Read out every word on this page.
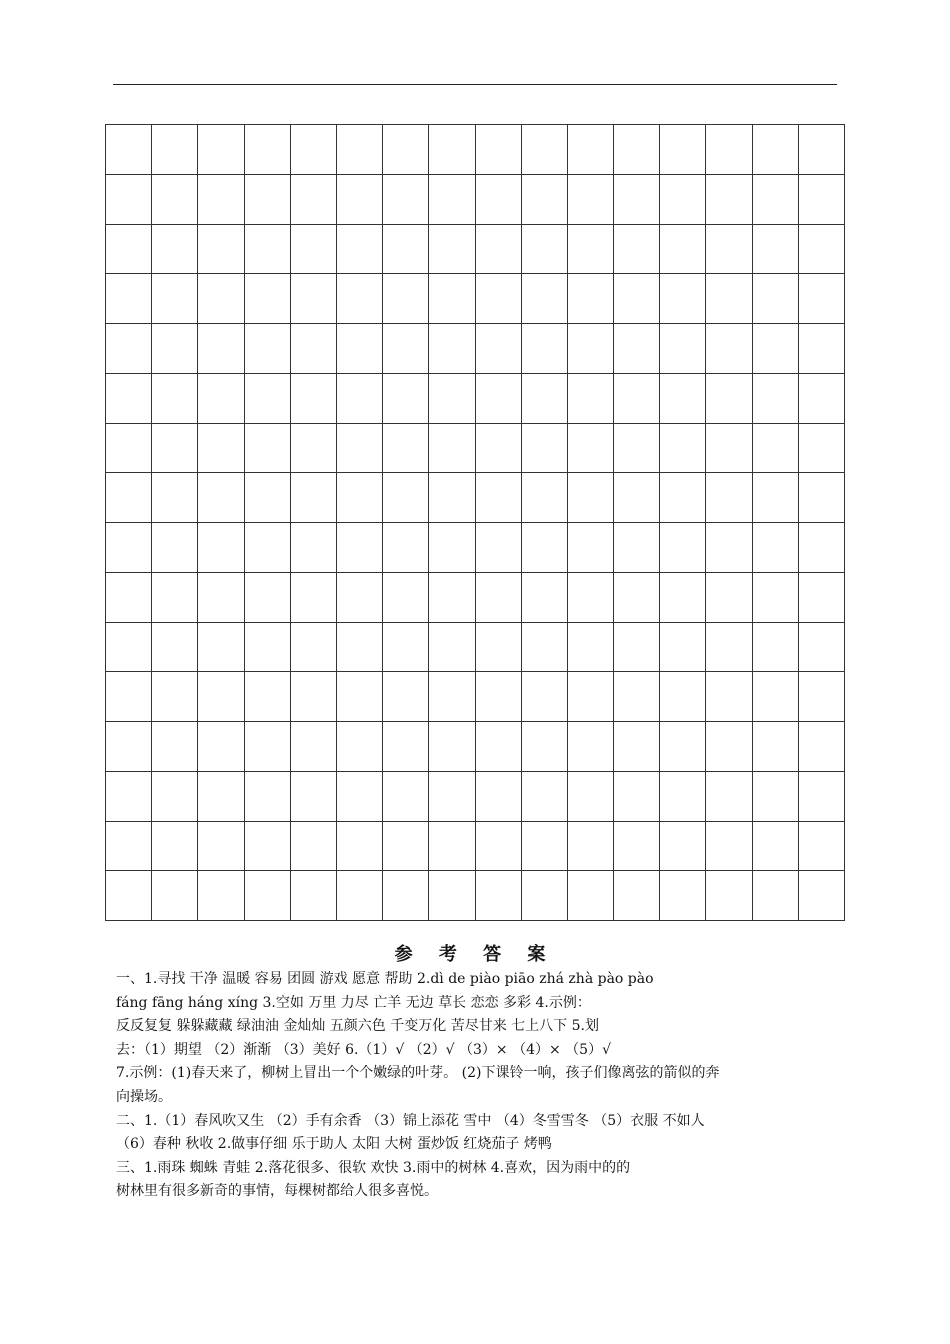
参 考 答 案
一、1.寻找 干净 温暖 容易 团圆 游戏 愿意 帮助 2.dì de piào piāo zhá zhà pào pào
fáng fāng háng xíng 3.空如 万里 力尽 亡羊 无边 草长 恋恋 多彩 4.示例：
反反复复 躲躲藏藏 绿油油 金灿灿 五颜六色 千变万化 苦尽甘来 七上八下 5.划
去：（1）期望 （2）渐渐 （3）美好 6.（1）√ （2）√ （3）× （4）× （5）√
7.示例：(1)春天来了，柳树上冒出一个个嫩绿的叶芽。 (2)下课铃一响，孩子们像离弦的箭似的奔
向操场。
二、1.（1）春风吹又生 （2）手有余香 （3）锦上添花 雪中 （4）冬雪雪冬 （5）衣服 不如人
（6）春种 秋收 2.做事仔细 乐于助人 太阳 大树 蛋炒饭 红烧茄子 烤鸭
三、1.雨珠 蜘蛛 青蛙 2.落花很多、很软 欢快 3.雨中的树林 4.喜欢，因为雨中的的
树林里有很多新奇的事情，每棵树都给人很多喜悦。
